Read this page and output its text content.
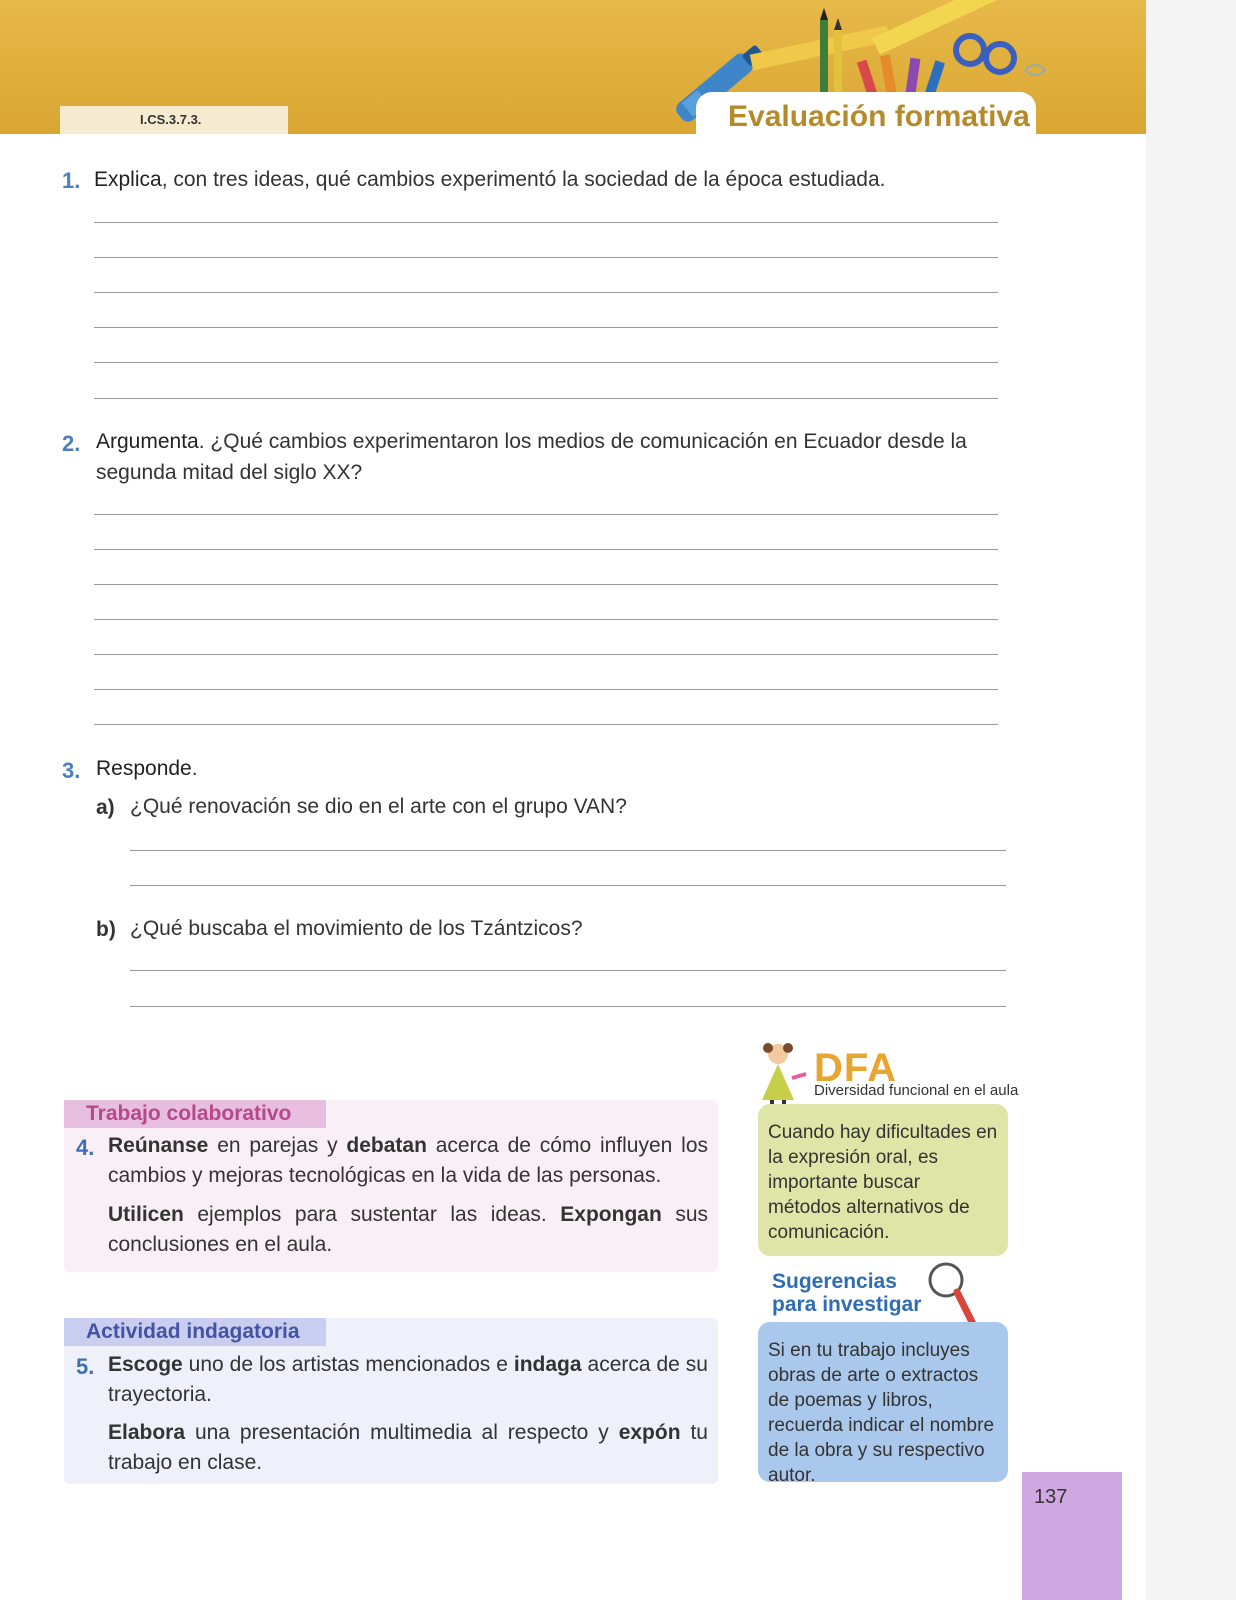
I.CS.3.7.3.	Evaluación formativa
1. Explica, con tres ideas, qué cambios experimentó la sociedad de la época estudiada.
2. Argumenta. ¿Qué cambios experimentaron los medios de comunicación en Ecuador desde la
segunda mitad del siglo XX?
3. Responde.
a) ¿Qué renovación se dio en el arte con el grupo VAN?
b) ¿Qué buscaba el movimiento de los Tzántzicos?
Trabajo colaborativo
4. Reúnanse en parejas y debatan acerca de cómo influyen los cambios y mejoras tecnológicas en la vida de las personas.
Utilicen ejemplos para sustentar las ideas. Expongan sus conclusiones en el aula.
Actividad indagatoria
5. Escoge uno de los artistas mencionados e indaga acerca de su trayectoria.
Elabora una presentación multimedia al respecto y expón tu trabajo en clase.
DFA
Diversidad funcional en el aula
Cuando hay dificultades en la expresión oral, es importante buscar métodos alternativos de comunicación.
Sugerencias
para investigar
Si en tu trabajo incluyes obras de arte o extractos de poemas y libros, recuerda indicar el nombre de la obra y su respectivo autor.
137
